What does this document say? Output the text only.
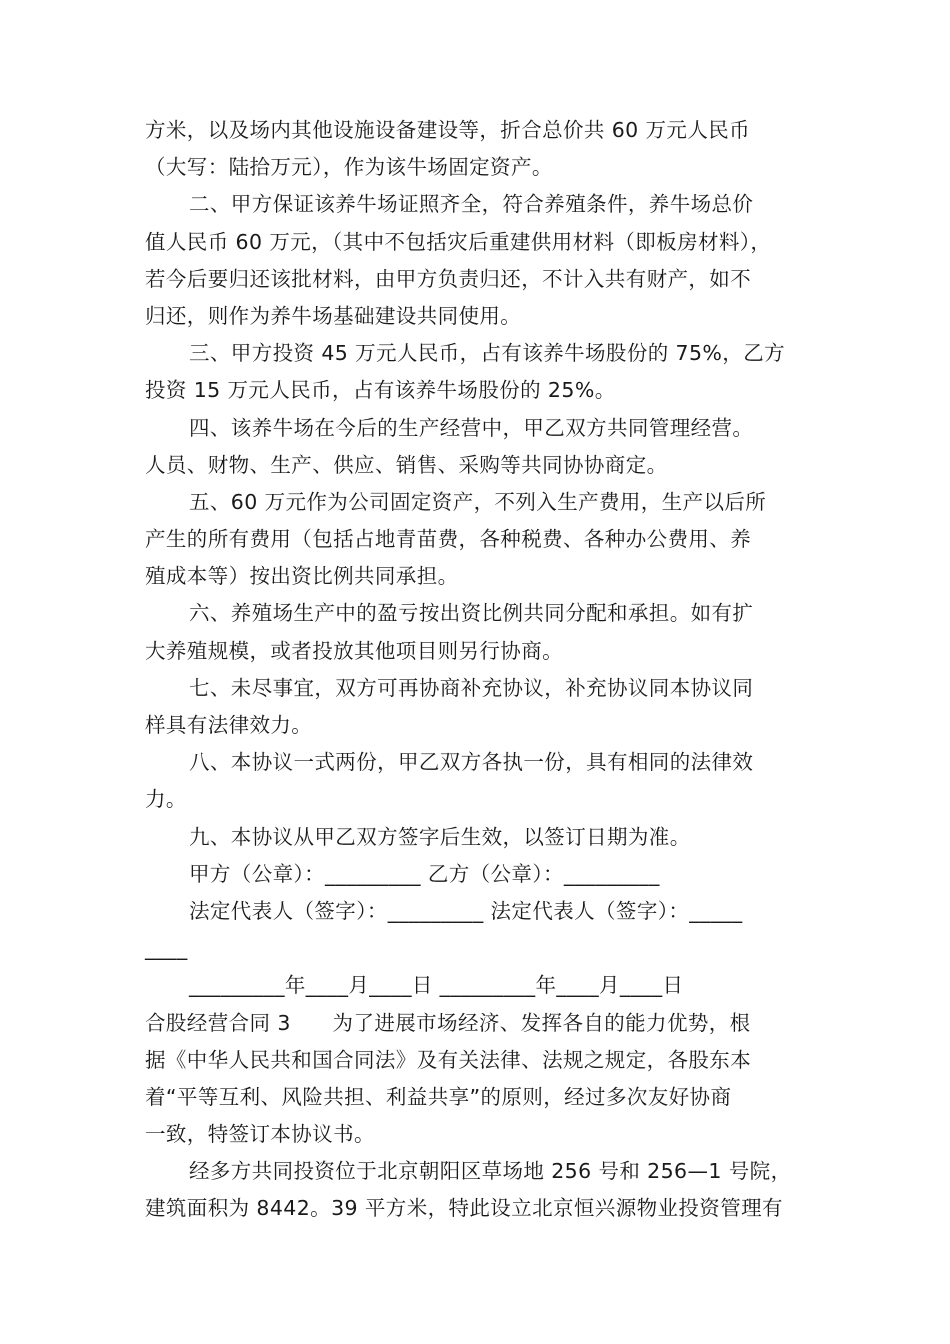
方米，以及场内其他设施设备建设等，折合总价共 60 万元人民币
（大写：陆拾万元），作为该牛场固定资产。
二、甲方保证该养牛场证照齐全，符合养殖条件，养牛场总价
值人民币 60 万元，（其中不包括灾后重建供用材料（即板房材料），
若今后要归还该批材料，由甲方负责归还，不计入共有财产，如不
归还，则作为养牛场基础建设共同使用。
三、甲方投资 45 万元人民币，占有该养牛场股份的 75%，乙方
投资 15 万元人民币，占有该养牛场股份的 25%。
四、该养牛场在今后的生产经营中，甲乙双方共同管理经营。
人员、财物、生产、供应、销售、采购等共同协协商定。
五、60 万元作为公司固定资产，不列入生产费用，生产以后所
产生的所有费用（包括占地青苗费，各种税费、各种办公费用、养
殖成本等）按出资比例共同承担。
六、养殖场生产中的盈亏按出资比例共同分配和承担。如有扩
大养殖规模，或者投放其他项目则另行协商。
七、未尽事宜，双方可再协商补充协议，补充协议同本协议同
样具有法律效力。
八、本协议一式两份，甲乙双方各执一份，具有相同的法律效
力。
九、本协议从甲乙双方签字后生效，以签订日期为准。
甲方（公章）：_________ 乙方（公章）：_________
法定代表人（签字）：_________ 法定代表人（签字）：_____
____
_________年____月____日 _________年____月____日
合股经营合同 3　　为了进展市场经济、发挥各自的能力优势，根
据《中华人民共和国合同法》及有关法律、法规之规定，各股东本
着“平等互利、风险共担、利益共享”的原则，经过多次友好协商
一致，特签订本协议书。
经多方共同投资位于北京朝阳区草场地 256 号和 256—1 号院，
建筑面积为 8442。39 平方米，特此设立北京恒兴源物业投资管理有
